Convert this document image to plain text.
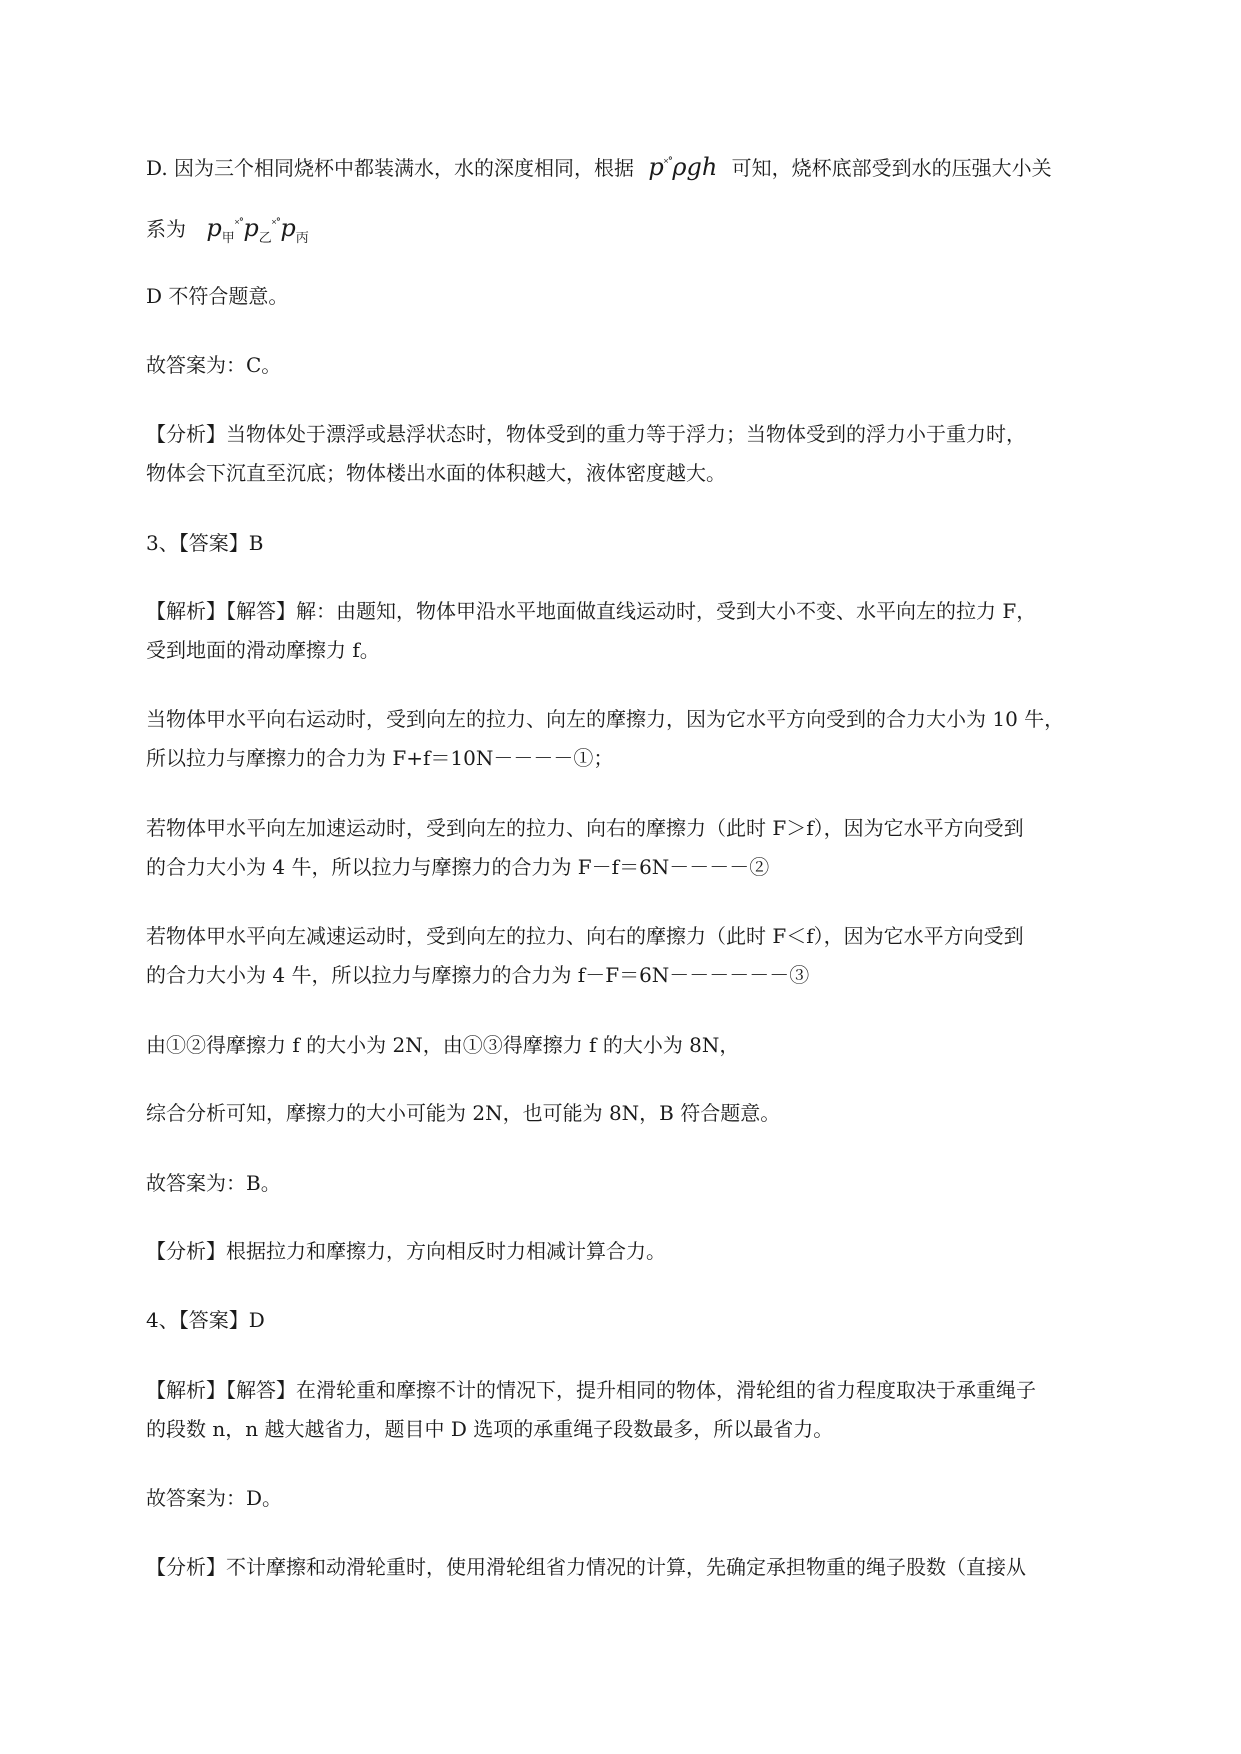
D. 因为三个相同烧杯中都装满水，水的深度相同，根据 p˟˚ρgh 可知，烧杯底部受到水的压强大小关
系为 $p_甲^{˟˚}p_乙^{˟˚}p_丙$
D 不符合题意。
故答案为：C。
【分析】当物体处于漂浮或悬浮状态时，物体受到的重力等于浮力；当物体受到的浮力小于重力时，
物体会下沉直至沉底；物体楼出水面的体积越大，液体密度越大。
3、【答案】B
【解析】【解答】解：由题知，物体甲沿水平地面做直线运动时，受到大小不变、水平向左的拉力 F，
受到地面的滑动摩擦力 f。
当物体甲水平向右运动时，受到向左的拉力、向左的摩擦力，因为它水平方向受到的合力大小为 10 牛，
所以拉力与摩擦力的合力为 F+f＝10N－－－－①；
若物体甲水平向左加速运动时，受到向左的拉力、向右的摩擦力（此时 F＞f），因为它水平方向受到
的合力大小为 4 牛，所以拉力与摩擦力的合力为 F－f＝6N－－－－②
若物体甲水平向左减速运动时，受到向左的拉力、向右的摩擦力（此时 F＜f），因为它水平方向受到
的合力大小为 4 牛，所以拉力与摩擦力的合力为 f－F＝6N－－－－－－③
由①②得摩擦力 f 的大小为 2N，由①③得摩擦力 f 的大小为 8N，
综合分析可知，摩擦力的大小可能为 2N，也可能为 8N，B 符合题意。
故答案为：B。
【分析】根据拉力和摩擦力，方向相反时力相减计算合力。
4、【答案】D
【解析】【解答】在滑轮重和摩擦不计的情况下，提升相同的物体，滑轮组的省力程度取决于承重绳子
的段数 n，n 越大越省力，题目中 D 选项的承重绳子段数最多，所以最省力。
故答案为：D。
【分析】不计摩擦和动滑轮重时，使用滑轮组省力情况的计算，先确定承担物重的绳子股数（直接从
